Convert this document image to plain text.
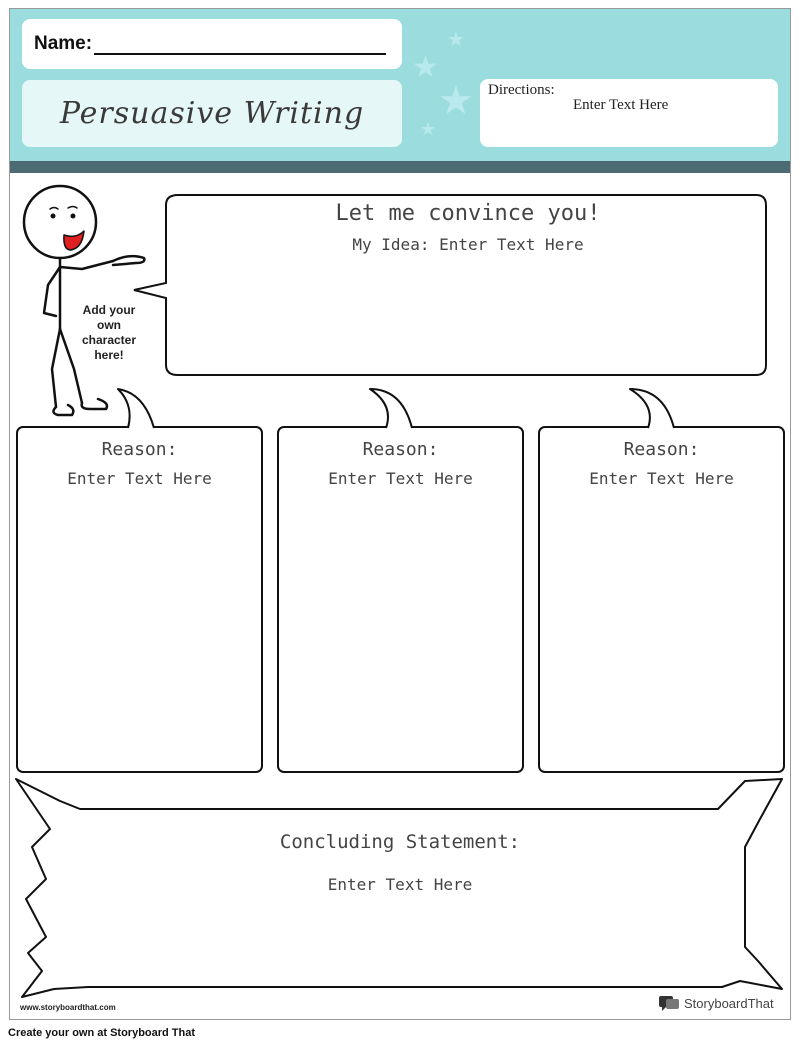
★
★
★
★
Name:
Persuasive Writing
Directions:
Enter Text Here
Add your own character here!
Let me convince you!
My Idea: Enter Text Here
Reason:
Enter Text Here
Reason:
Enter Text Here
Reason:
Enter Text Here
Concluding Statement:
Enter Text Here
www.storyboardthat.com	StoryboardThat
Create your own at Storyboard That
